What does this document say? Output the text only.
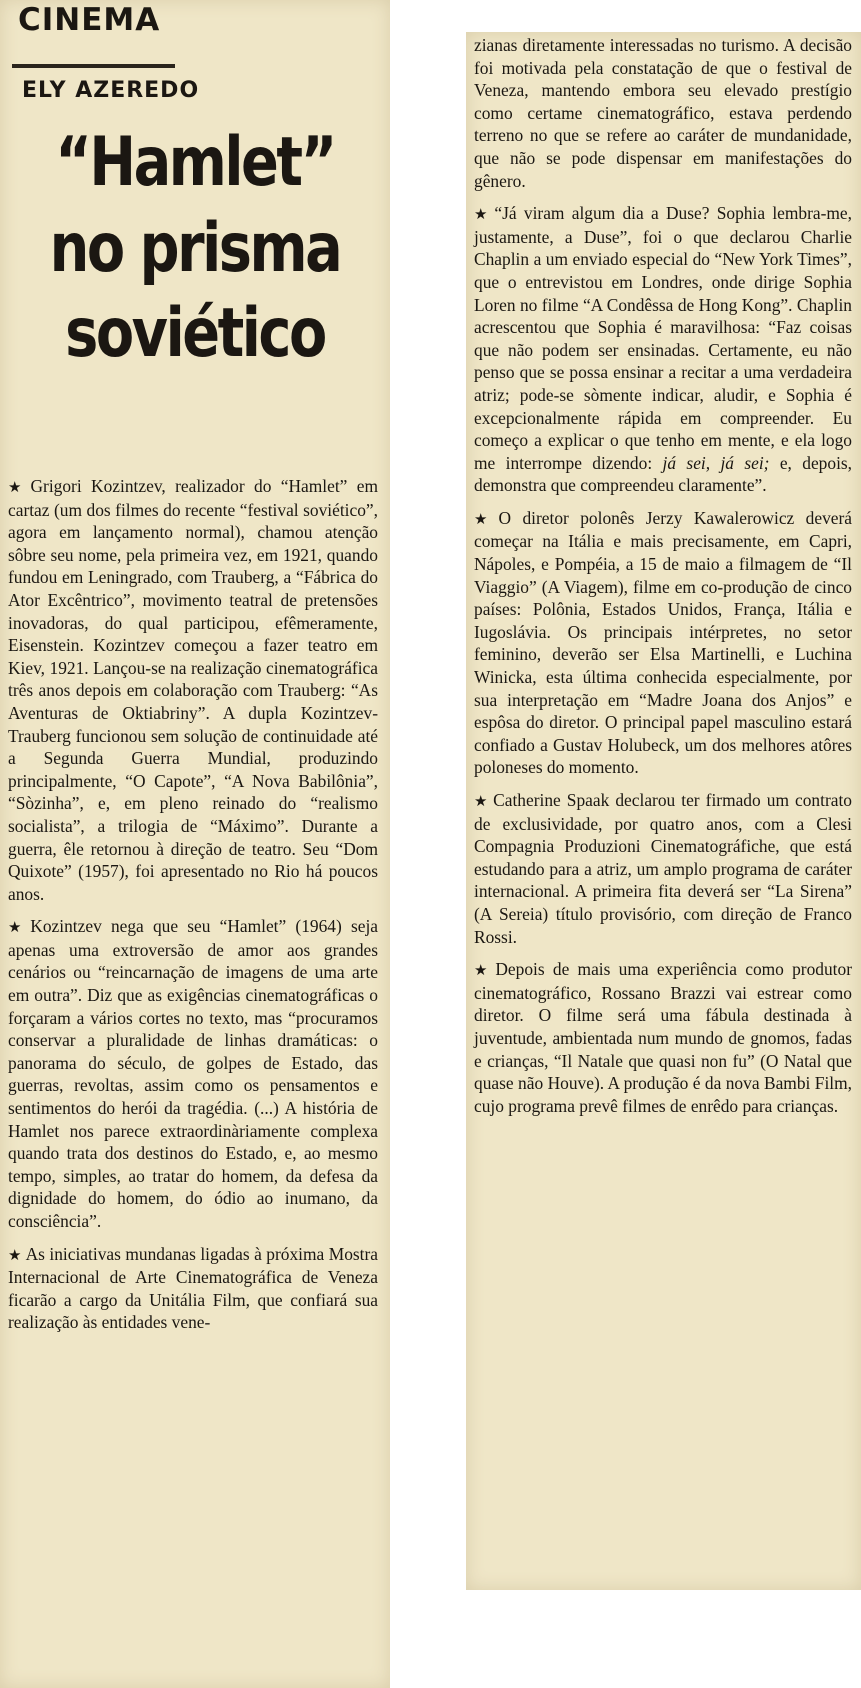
CINEMA
ELY AZEREDO
“Hamlet”
no prisma
soviético

★ Grigori Kozintzev, realizador do “Hamlet” em cartaz (um dos filmes do recente “festival soviético”, agora em lançamento normal), chamou atenção sôbre seu nome, pela primeira vez, em 1921, quando fundou em Leningrado, com Trauberg, a “Fábrica do Ator Excêntrico”, movimento teatral de pretensões inovadoras, do qual participou, efêmeramente, Eisenstein. Kozintzev começou a fazer teatro em Kiev, 1921. Lançou-se na realização cinematográfica três anos depois em colaboração com Trauberg: “As Aventuras de Oktiabriny”. A dupla Kozintzev-Trauberg funcionou sem solução de continuidade até a Segunda Guerra Mundial, produzindo principalmente, “O Capote”, “A Nova Babilônia”, “Sòzinha”, e, em pleno reinado do “realismo socialista”, a trilogia de “Máximo”. Durante a guerra, êle retornou à direção de teatro. Seu “Dom Quixote” (1957), foi apresentado no Rio há poucos anos.

★ Kozintzev nega que seu “Hamlet” (1964) seja apenas uma extroversão de amor aos grandes cenários ou “reincarnação de imagens de uma arte em outra”. Diz que as exigências cinematográficas o forçaram a vários cortes no texto, mas “procuramos conservar a pluralidade de linhas dramáticas: o panorama do século, de golpes de Estado, das guerras, revoltas, assim como os pensamentos e sentimentos do herói da tragédia. (...) A história de Hamlet nos parece extraordinàriamente complexa quando trata dos destinos do Estado, e, ao mesmo tempo, simples, ao tratar do homem, da defesa da dignidade do homem, do ódio ao inumano, da consciência”.

★ As iniciativas mundanas ligadas à próxima Mostra Internacional de Arte Cinematográfica de Veneza ficarão a cargo da Unitália Film, que confiará sua realização às entidades vene-

zianas diretamente interessadas no turismo. A decisão foi motivada pela constatação de que o festival de Veneza, mantendo embora seu elevado prestígio como certame cinematográfico, estava perdendo terreno no que se refere ao caráter de mundanidade, que não se pode dispensar em manifestações do gênero.

★ “Já viram algum dia a Duse? Sophia lembra-me, justamente, a Duse”, foi o que declarou Charlie Chaplin a um enviado especial do “New York Times”, que o entrevistou em Londres, onde dirige Sophia Loren no filme “A Condêssa de Hong Kong”. Chaplin acrescentou que Sophia é maravilhosa: “Faz coisas que não podem ser ensinadas. Certamente, eu não penso que se possa ensinar a recitar a uma verdadeira atriz; pode-se sòmente indicar, aludir, e Sophia é excepcionalmente rápida em compreender. Eu começo a explicar o que tenho em mente, e ela logo me interrompe dizendo: já sei, já sei; e, depois, demonstra que compreendeu claramente”.

★ O diretor polonês Jerzy Kawalerowicz deverá começar na Itália e mais precisamente, em Capri, Nápoles, e Pompéia, a 15 de maio a filmagem de “Il Viaggio” (A Viagem), filme em co-produção de cinco países: Polônia, Estados Unidos, França, Itália e Iugoslávia. Os principais intérpretes, no setor feminino, deverão ser Elsa Martinelli, e Luchina Winicka, esta última conhecida especialmente, por sua interpretação em “Madre Joana dos Anjos” e espôsa do diretor. O principal papel masculino estará confiado a Gustav Holubeck, um dos melhores atôres poloneses do momento.

★ Catherine Spaak declarou ter firmado um contrato de exclusividade, por quatro anos, com a Clesi Compagnia Produzioni Cinematográfiche, que está estudando para a atriz, um amplo programa de caráter internacional. A primeira fita deverá ser “La Sirena” (A Sereia) título provisório, com direção de Franco Rossi.

★ Depois de mais uma experiência como produtor cinematográfico, Rossano Brazzi vai estrear como diretor. O filme será uma fábula destinada à juventude, ambientada num mundo de gnomos, fadas e crianças, “Il Natale que quasi non fu” (O Natal que quase não Houve). A produção é da nova Bambi Film, cujo programa prevê filmes de enrêdo para crianças.
